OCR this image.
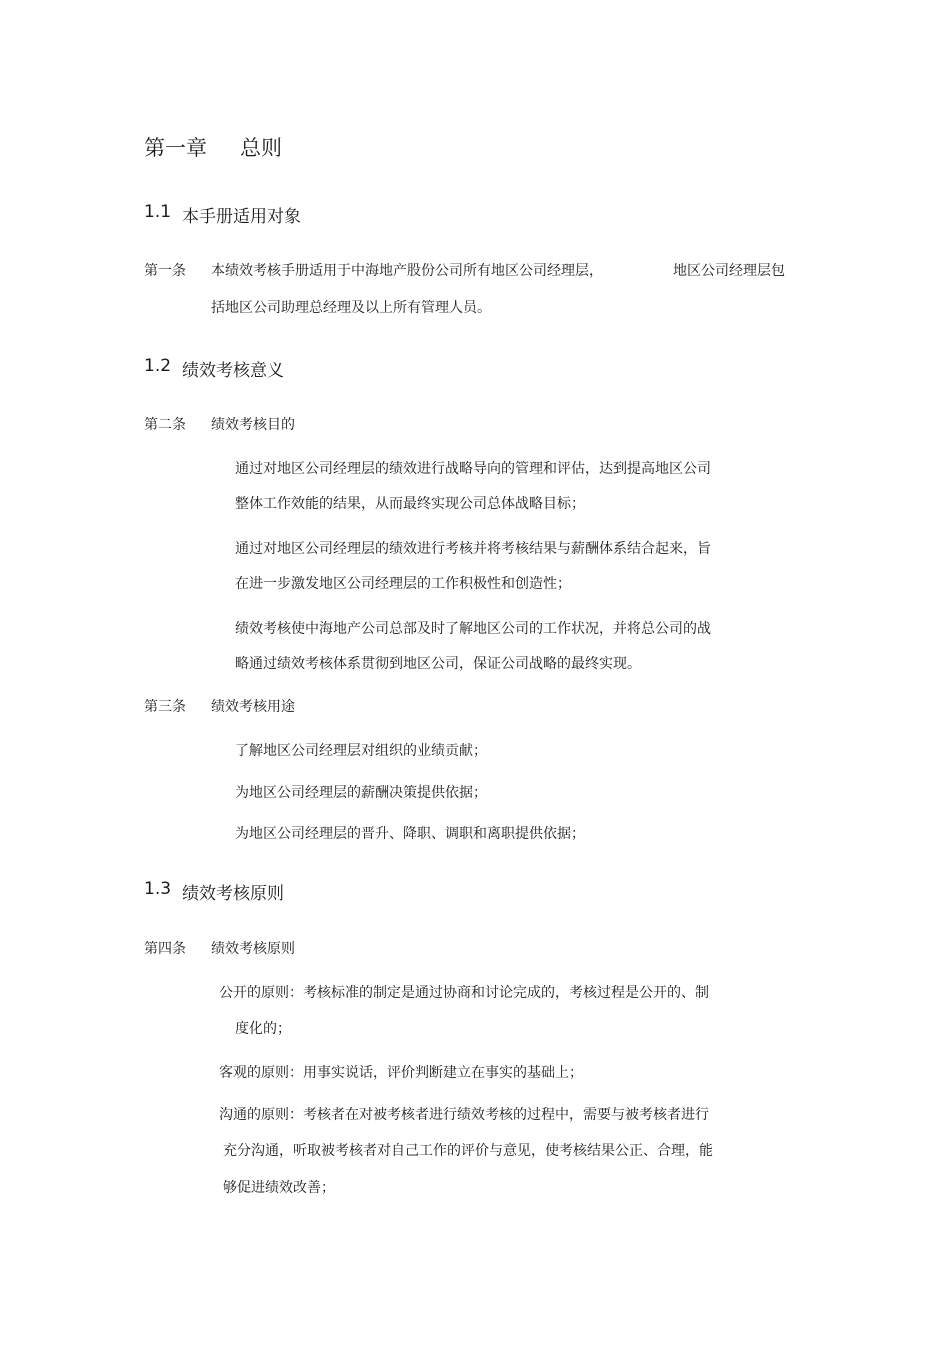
第一章 总则
1.1 本手册适用对象
第一条 本绩效考核手册适用于中海地产股份公司所有地区公司经理层，	地区公司经理层包
括地区公司助理总经理及以上所有管理人员。
1.2 绩效考核意义
第二条 绩效考核目的
通过对地区公司经理层的绩效进行战略导向的管理和评估，达到提高地区公司
整体工作效能的结果，从而最终实现公司总体战略目标；
通过对地区公司经理层的绩效进行考核并将考核结果与薪酬体系结合起来，旨
在进一步激发地区公司经理层的工作积极性和创造性；
绩效考核使中海地产公司总部及时了解地区公司的工作状况，并将总公司的战
略通过绩效考核体系贯彻到地区公司，保证公司战略的最终实现。
第三条 绩效考核用途
了解地区公司经理层对组织的业绩贡献；
为地区公司经理层的薪酬决策提供依据；
为地区公司经理层的晋升、降职、调职和离职提供依据；
1.3 绩效考核原则
第四条 绩效考核原则
公开的原则：考核标准的制定是通过协商和讨论完成的，考核过程是公开的、制
度化的；
客观的原则：用事实说话，评价判断建立在事实的基础上；
沟通的原则：考核者在对被考核者进行绩效考核的过程中，需要与被考核者进行
充分沟通，听取被考核者对自己工作的评价与意见，使考核结果公正、合理，能
够促进绩效改善；
